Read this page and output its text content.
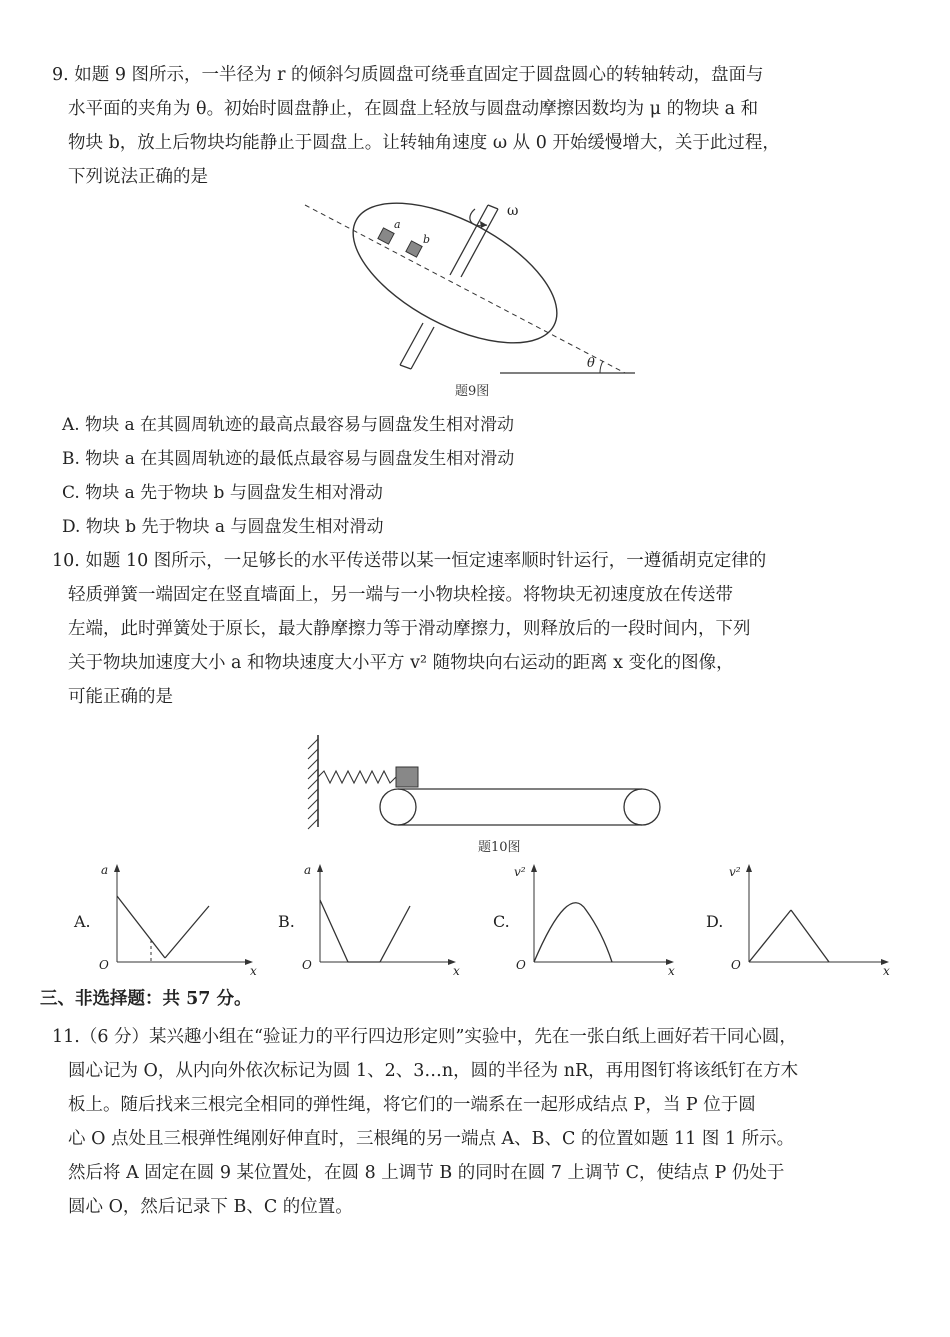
9. 如题 9 图所示，一半径为 r 的倾斜匀质圆盘可绕垂直固定于圆盘圆心的转轴转动，盘面与
水平面的夹角为 θ。初始时圆盘静止，在圆盘上轻放与圆盘动摩擦因数均为 μ 的物块 a 和
物块 b，放上后物块均能静止于圆盘上。让转轴角速度 ω 从 0 开始缓慢增大，关于此过程，
下列说法正确的是
θ
ω
a
b
题9图
A. 物块 a 在其圆周轨迹的最高点最容易与圆盘发生相对滑动
B. 物块 a 在其圆周轨迹的最低点最容易与圆盘发生相对滑动
C. 物块 a 先于物块 b 与圆盘发生相对滑动
D. 物块 b 先于物块 a 与圆盘发生相对滑动
10. 如题 10 图所示，一足够长的水平传送带以某一恒定速率顺时针运行，一遵循胡克定律的
轻质弹簧一端固定在竖直墙面上，另一端与一小物块栓接。将物块无初速度放在传送带
左端，此时弹簧处于原长，最大静摩擦力等于滑动摩擦力，则释放后的一段时间内，下列
关于物块加速度大小 a 和物块速度大小平方 v² 随物块向右运动的距离 x 变化的图像，
可能正确的是
题10图
A.
a
x
O
B.
a
x
O
C.
v²
x
O
D.
v²
x
O
三、非选择题：共 57 分。
11.（6 分）某兴趣小组在“验证力的平行四边形定则”实验中，先在一张白纸上画好若干同心圆，
圆心记为 O，从内向外依次标记为圆 1、2、3…n，圆的半径为 nR，再用图钉将该纸钉在方木
板上。随后找来三根完全相同的弹性绳，将它们的一端系在一起形成结点 P，当 P 位于圆
心 O 点处且三根弹性绳刚好伸直时，三根绳的另一端点 A、B、C 的位置如题 11 图 1 所示。
然后将 A 固定在圆 9 某位置处，在圆 8 上调节 B 的同时在圆 7 上调节 C，使结点 P 仍处于
圆心 O，然后记录下 B、C 的位置。
